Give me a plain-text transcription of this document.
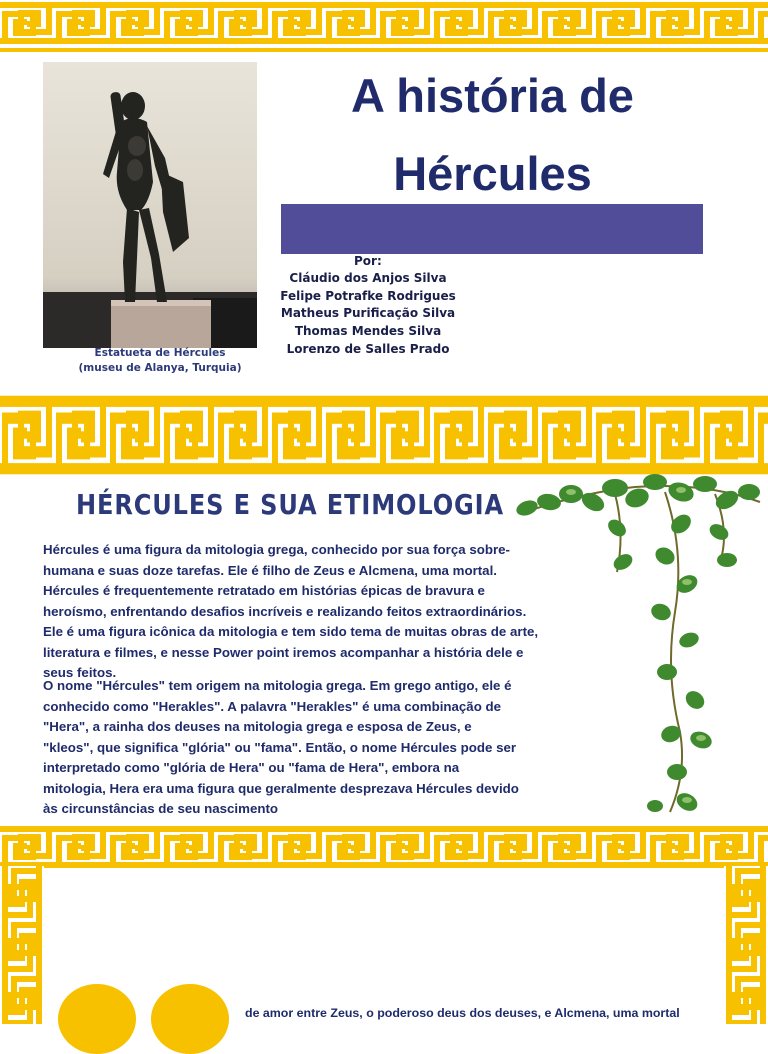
Estatueta de Hércules
(museu de Alanya, Turquia)
A história de
Hércules
Por:
Cláudio dos Anjos Silva
Felipe Potrafke Rodrigues
Matheus Purificação Silva
Thomas Mendes Silva
Lorenzo de Salles Prado
HÉRCULES E SUA ETIMOLOGIA
Hércules é uma figura da mitologia grega, conhecido por sua força sobre-
humana e suas doze tarefas. Ele é filho de Zeus e Alcmena, uma mortal.
Hércules é frequentemente retratado em histórias épicas de bravura e
heroísmo, enfrentando desafios incríveis e realizando feitos extraordinários.
Ele é uma figura icônica da mitologia e tem sido tema de muitas obras de arte,
literatura e filmes, e nesse Power point iremos acompanhar a história dele e
seus feitos.
O nome "Hércules" tem origem na mitologia grega. Em grego antigo, ele é
conhecido como "Herakles". A palavra "Herakles" é uma combinação de
"Hera", a rainha dos deuses na mitologia grega e esposa de Zeus, e
"kleos", que significa "glória" ou "fama". Então, o nome Hércules pode ser
interpretado como "glória de Hera" ou "fama de Hera", embora na
mitologia, Hera era uma figura que geralmente desprezava Hércules devido
às circunstâncias de seu nascimento
de amor entre Zeus, o poderoso deus dos deuses, e Alcmena, uma mortal
